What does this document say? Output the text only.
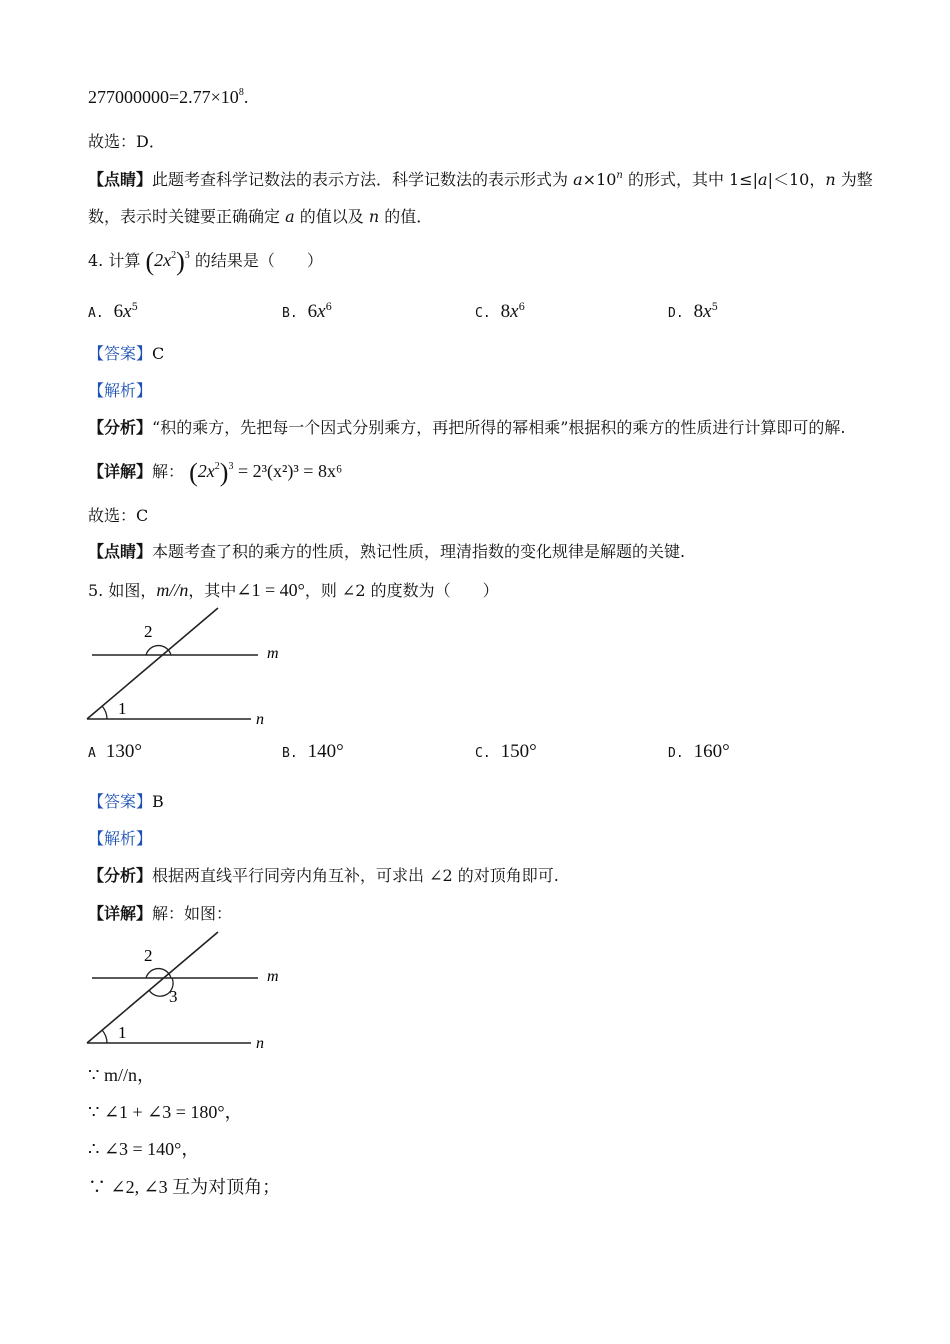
$277000000=2.77\times 10^8$.
故选：D．
【点睛】此题考查科学记数法的表示方法．科学记数法的表示形式为 $a\times 10^n$ 的形式，其中 1≤|a|＜10，n 为整
数，表示时关键要正确确定 a 的值以及 n 的值．
4. 计算 $(2x^2)^3$ 的结果是（　　）
A. $6x^5$	B. $6x^6$	C. $8x^6$	D. $8x^5$
【答案】C
【解析】
【分析】“积的乘方，先把每一个因式分别乘方，再把所得的幂相乘”根据积的乘方的性质进行计算即可的解.
【详解】解： $(2x^2)^3 = 2^3(x^2)^3 = 8x^6$
故选：C
【点睛】本题考查了积的乘方的性质，熟记性质，理清指数的变化规律是解题的关键.
5. 如图，m//n，其中∠1 = 40°，则 ∠2 的度数为（　　）
2
1
m
n
A 130°	B. 140°	C. 150°	D. 160°
【答案】B
【解析】
【分析】根据两直线平行同旁内角互补，可求出 ∠2 的对顶角即可.
【详解】解：如图：
2
3
1
m
n
∵ m//n，
∵ ∠1 + ∠3 = 180°，
∴ ∠3 = 140°，
∵ ∠2, ∠3 互为对顶角；
